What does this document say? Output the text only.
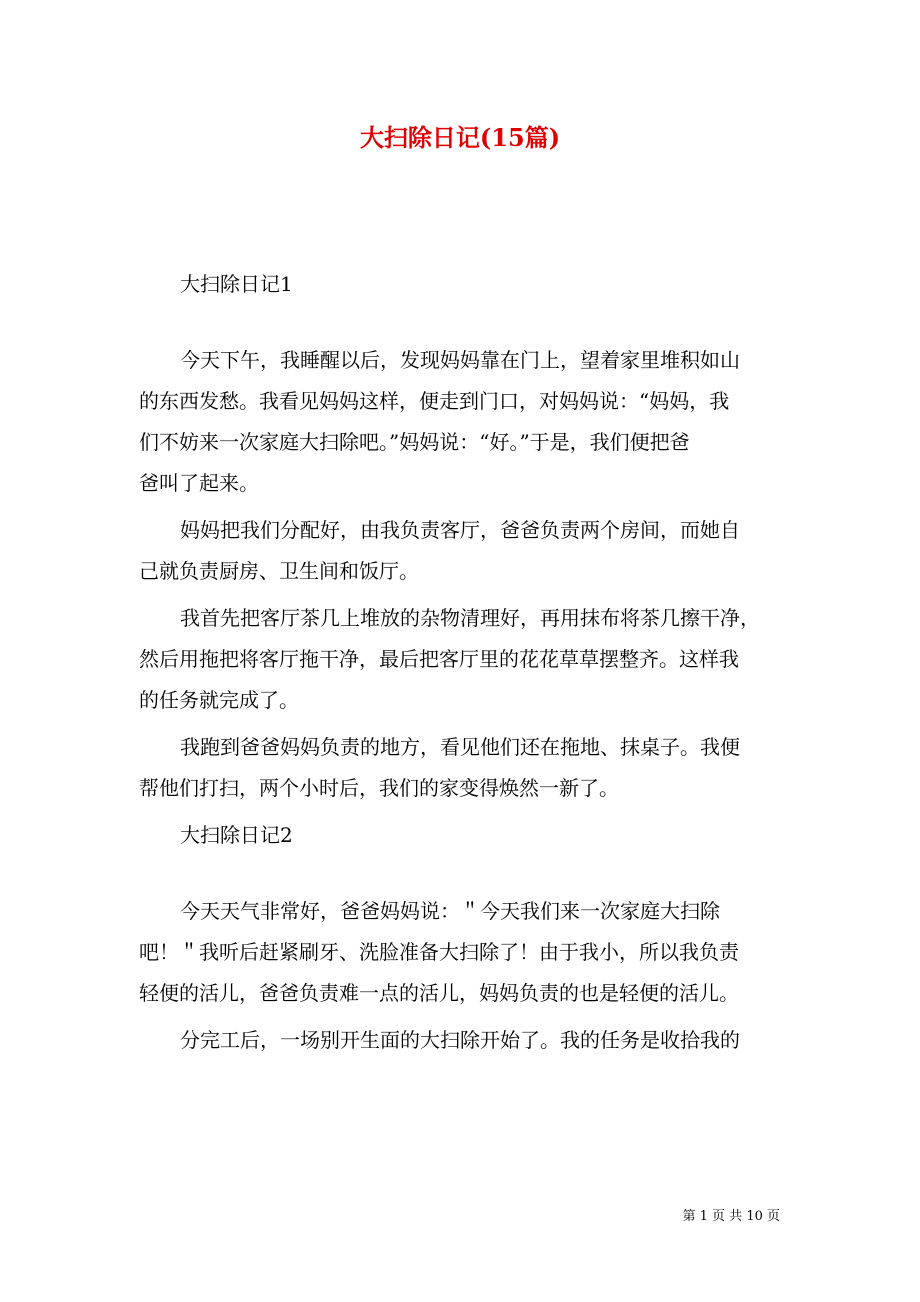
大扫除日记(15篇)

大扫除日记1

今天下午，我睡醒以后，发现妈妈靠在门上，望着家里堆积如山

的东西发愁。我看见妈妈这样，便走到门口，对妈妈说：“妈妈，我

们不妨来一次家庭大扫除吧。”妈妈说：“好。”于是，我们便把爸

爸叫了起来。

妈妈把我们分配好，由我负责客厅，爸爸负责两个房间，而她自

己就负责厨房、卫生间和饭厅。

我首先把客厅茶几上堆放的杂物清理好，再用抹布将茶几擦干净，

然后用拖把将客厅拖干净，最后把客厅里的花花草草摆整齐。这样我

的任务就完成了。

我跑到爸爸妈妈负责的地方，看见他们还在拖地、抹桌子。我便

帮他们打扫，两个小时后，我们的家变得焕然一新了。

大扫除日记2

今天天气非常好，爸爸妈妈说：＂今天我们来一次家庭大扫除

吧！＂我听后赶紧刷牙、洗脸准备大扫除了！由于我小，所以我负责

轻便的活儿，爸爸负责难一点的活儿，妈妈负责的也是轻便的活儿。

分完工后，一场别开生面的大扫除开始了。我的任务是收拾我的

第 1 页 共 10 页
